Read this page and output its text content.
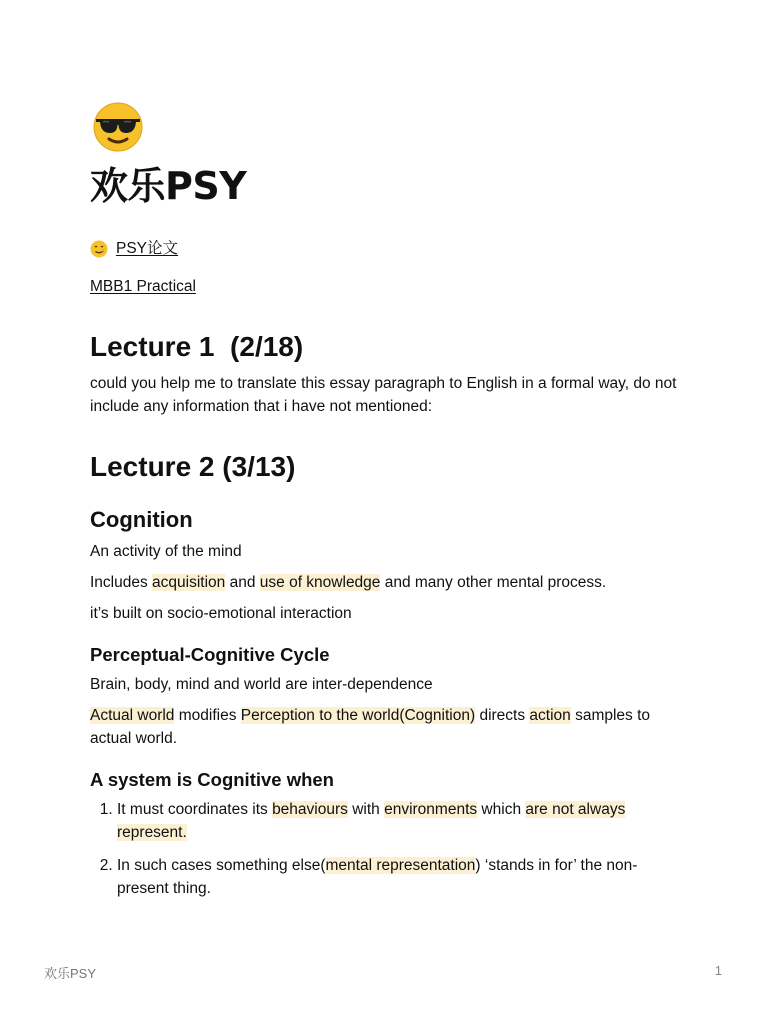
欢乐PSY
PSY论文
MBB1 Practical
Lecture 1  (2/18)

could you help me to translate this essay paragraph to English in a formal way, do not include any information that i have not mentioned:

Lecture 2 (3/13)
Cognition

An activity of the mind

Includes acquisition and use of knowledge and many other mental process.

it’s built on socio-emotional interaction

Perceptual-Cognitive Cycle

Brain, body, mind and world are inter-dependence

Actual world modifies Perception to the world(Cognition) directs action samples to actual world.

A system is Cognitive when
1. It must coordinates its behaviours with environments which are not always represent.
2. In such cases something else(mental representation) ‘stands in for’ the non-present thing.
欢乐PSY	1
